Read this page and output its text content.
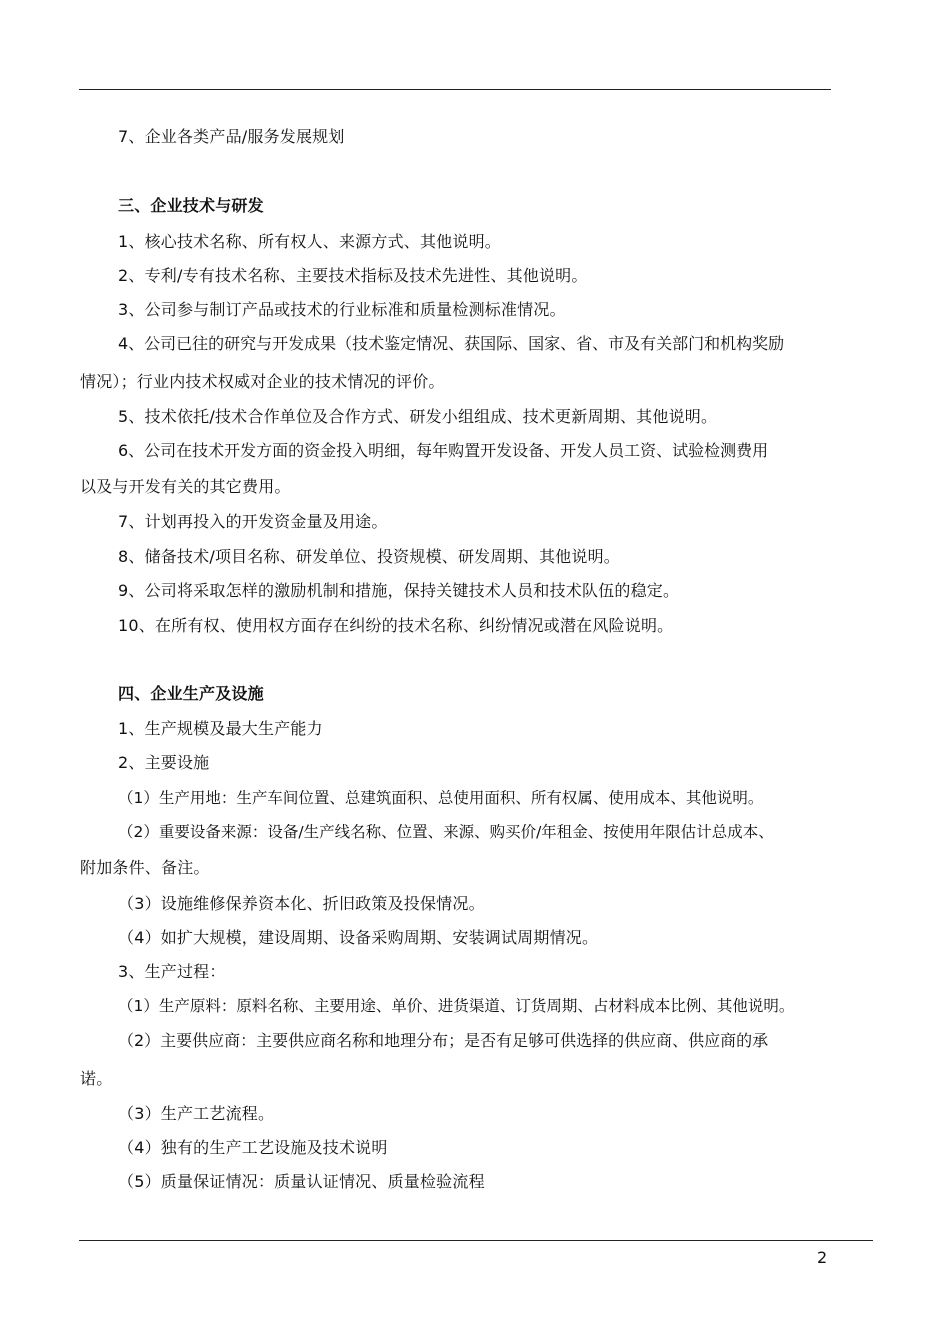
7、企业各类产品/服务发展规划
三、企业技术与研发
1、核心技术名称、所有权人、来源方式、其他说明。
2、专利/专有技术名称、主要技术指标及技术先进性、其他说明。
3、公司参与制订产品或技术的行业标准和质量检测标准情况。
4、公司已往的研究与开发成果（技术鉴定情况、获国际、国家、省、市及有关部门和机构奖励
情况）；行业内技术权威对企业的技术情况的评价。
5、技术依托/技术合作单位及合作方式、研发小组组成、技术更新周期、其他说明。
6、公司在技术开发方面的资金投入明细，每年购置开发设备、开发人员工资、试验检测费用
以及与开发有关的其它费用。
7、计划再投入的开发资金量及用途。
8、储备技术/项目名称、研发单位、投资规模、研发周期、其他说明。
9、公司将采取怎样的激励机制和措施，保持关键技术人员和技术队伍的稳定。
10、在所有权、使用权方面存在纠纷的技术名称、纠纷情况或潜在风险说明。
四、企业生产及设施
1、生产规模及最大生产能力
2、主要设施
（1）生产用地：生产车间位置、总建筑面积、总使用面积、所有权属、使用成本、其他说明。
（2）重要设备来源：设备/生产线名称、位置、来源、购买价/年租金、按使用年限估计总成本、
附加条件、备注。
（3）设施维修保养资本化、折旧政策及投保情况。
（4）如扩大规模，建设周期、设备采购周期、安装调试周期情况。
3、生产过程：
（1）生产原料：原料名称、主要用途、单价、进货渠道、订货周期、占材料成本比例、其他说明。
（2）主要供应商：主要供应商名称和地理分布；是否有足够可供选择的供应商、供应商的承
诺。
（3）生产工艺流程。
（4）独有的生产工艺设施及技术说明
（5）质量保证情况：质量认证情况、质量检验流程
2
